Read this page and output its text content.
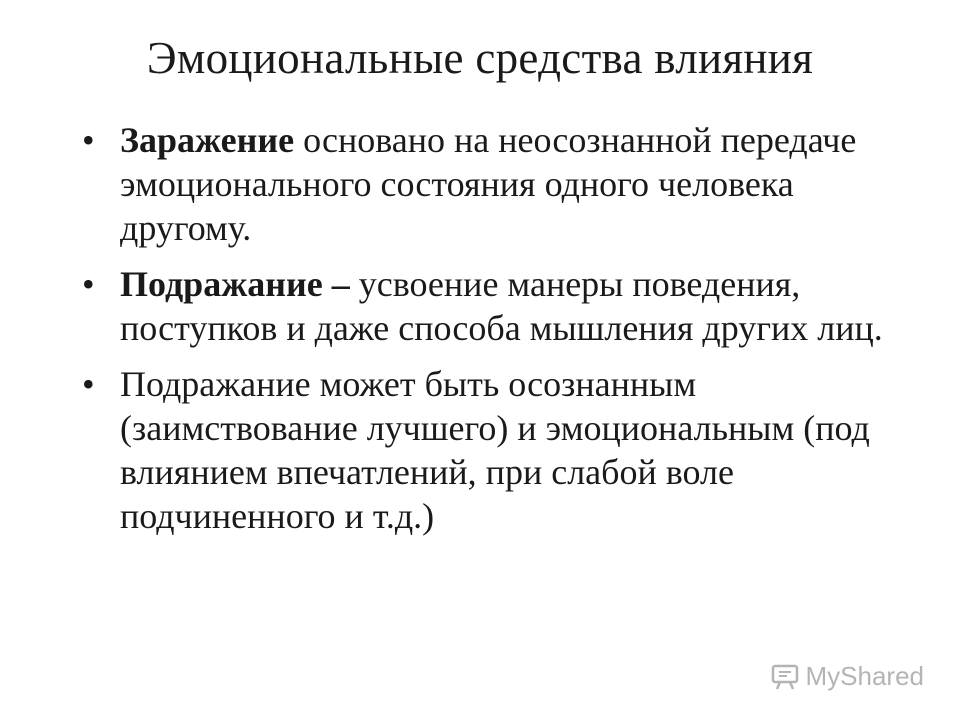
Эмоциональные средства влияния
• Заражение основано на неосознанной передаче эмоционального состояния одного человека другому.
• Подражание – усвоение манеры поведения, поступков и даже способа мышления других лиц.
• Подражание может быть осознанным (заимствование лучшего) и эмоциональным (под влиянием впечатлений, при слабой воле подчиненного и т.д.)
MyShared
